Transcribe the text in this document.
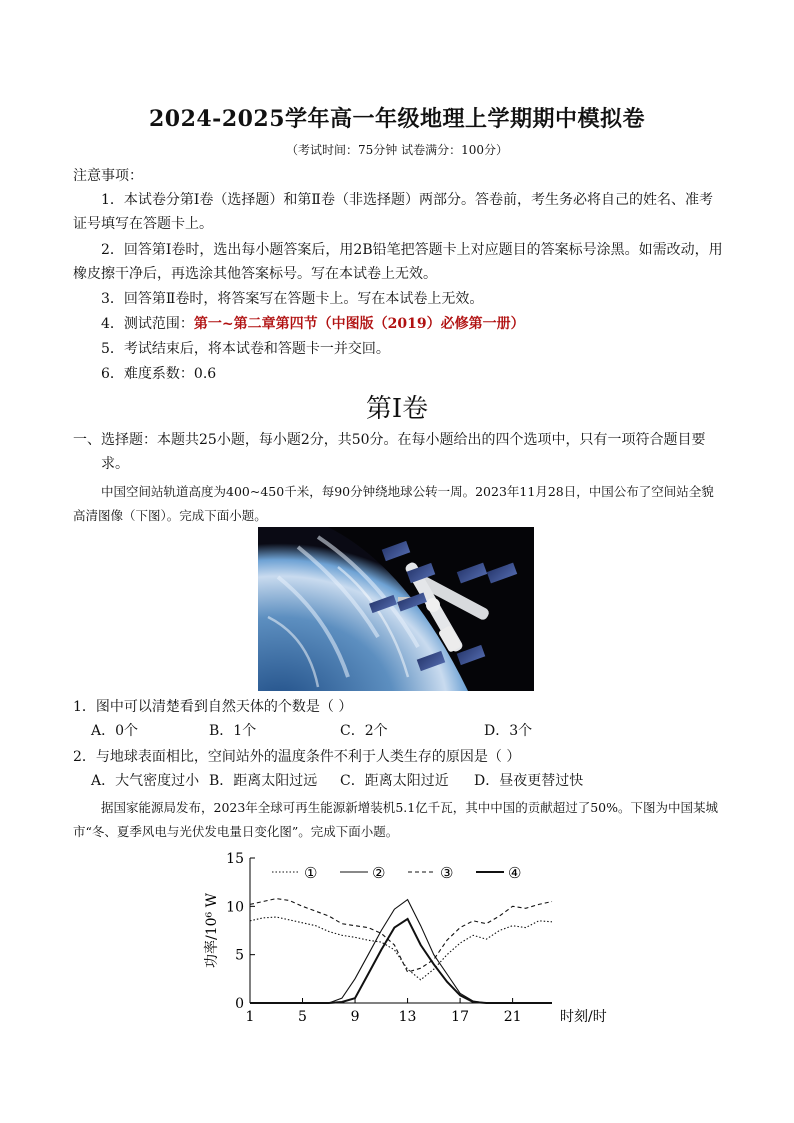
2024-2025学年高一年级地理上学期期中模拟卷
（考试时间：75分钟 试卷满分：100分）
注意事项：
1．本试卷分第Ⅰ卷（选择题）和第Ⅱ卷（非选择题）两部分。答卷前，考生务必将自己的姓名、准考证号填写在答题卡上。
2．回答第Ⅰ卷时，选出每小题答案后，用2B铅笔把答题卡上对应题目的答案标号涂黑。如需改动，用橡皮擦干净后，再选涂其他答案标号。写在本试卷上无效。
3．回答第Ⅱ卷时，将答案写在答题卡上。写在本试卷上无效。
4．测试范围：第一~第二章第四节（中图版（2019）必修第一册）
5．考试结束后，将本试卷和答题卡一并交回。
6．难度系数：0.6
第Ⅰ卷
一、选择题：本题共25小题，每小题2分，共50分。在每小题给出的四个选项中，只有一项符合题目要求。
中国空间站轨道高度为400~450千米，每90分钟绕地球公转一周。2023年11月28日，中国公布了空间站全貌高清图像（下图）。完成下面小题。
1．图中可以清楚看到自然天体的个数是（ ）
A．0个	B．1个	C．2个	D．3个
2．与地球表面相比，空间站外的温度条件不利于人类生存的原因是（ ）
A．大气密度过小 B．距离太阳过远	C．距离太阳过近	D．昼夜更替过快
据国家能源局发布，2023年全球可再生能源新增装机5.1亿千瓦，其中中国的贡献超过了50%。下图为中国某城市“冬、夏季风电与光伏发电量日变化图”。完成下面小题。
0
5
10
15
1	5	9	13 17 21	时刻/时
功率/10⁶ W
①	②	③	④
